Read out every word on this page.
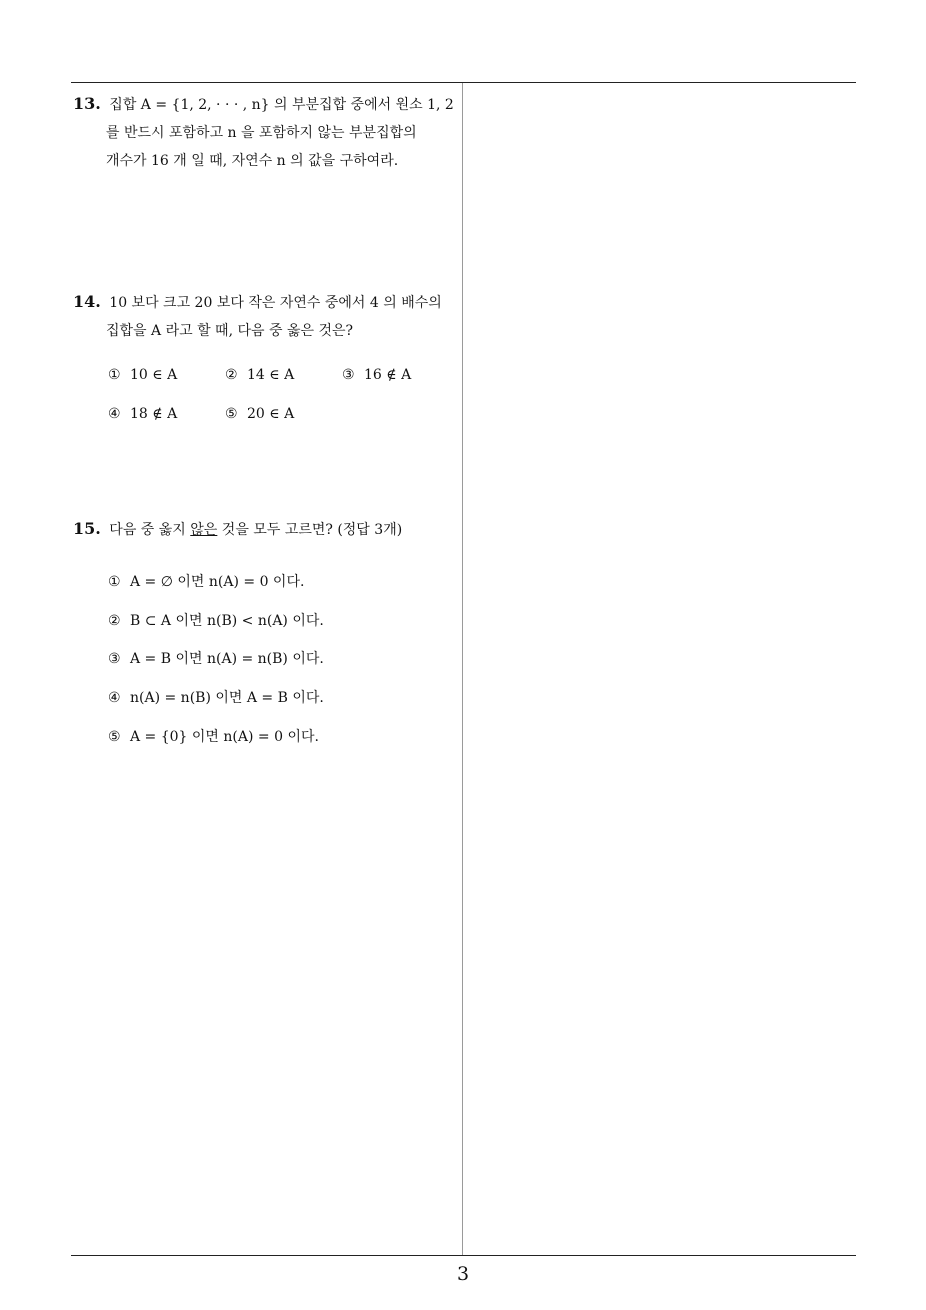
13. 집합 A = {1, 2, · · · , n} 의 부분집합 중에서 원소 1, 2
를 반드시 포함하고 n 을 포함하지 않는 부분집합의
개수가 16 개 일 때, 자연수 n 의 값을 구하여라.
14. 10 보다 크고 20 보다 작은 자연수 중에서 4 의 배수의
집합을 A 라고 할 때, 다음 중 옳은 것은?
① 10 ∈ A	② 14 ∈ A	③ 16 ∉ A
④ 18 ∉ A	⑤ 20 ∈ A
15. 다음 중 옳지 않은 것을 모두 고르면? (정답 3개)
① A = ∅ 이면 n(A) = 0 이다.
② B ⊂ A 이면 n(B) < n(A) 이다.
③ A = B 이면 n(A) = n(B) 이다.
④ n(A) = n(B) 이면 A = B 이다.
⑤ A = {0} 이면 n(A) = 0 이다.
3
